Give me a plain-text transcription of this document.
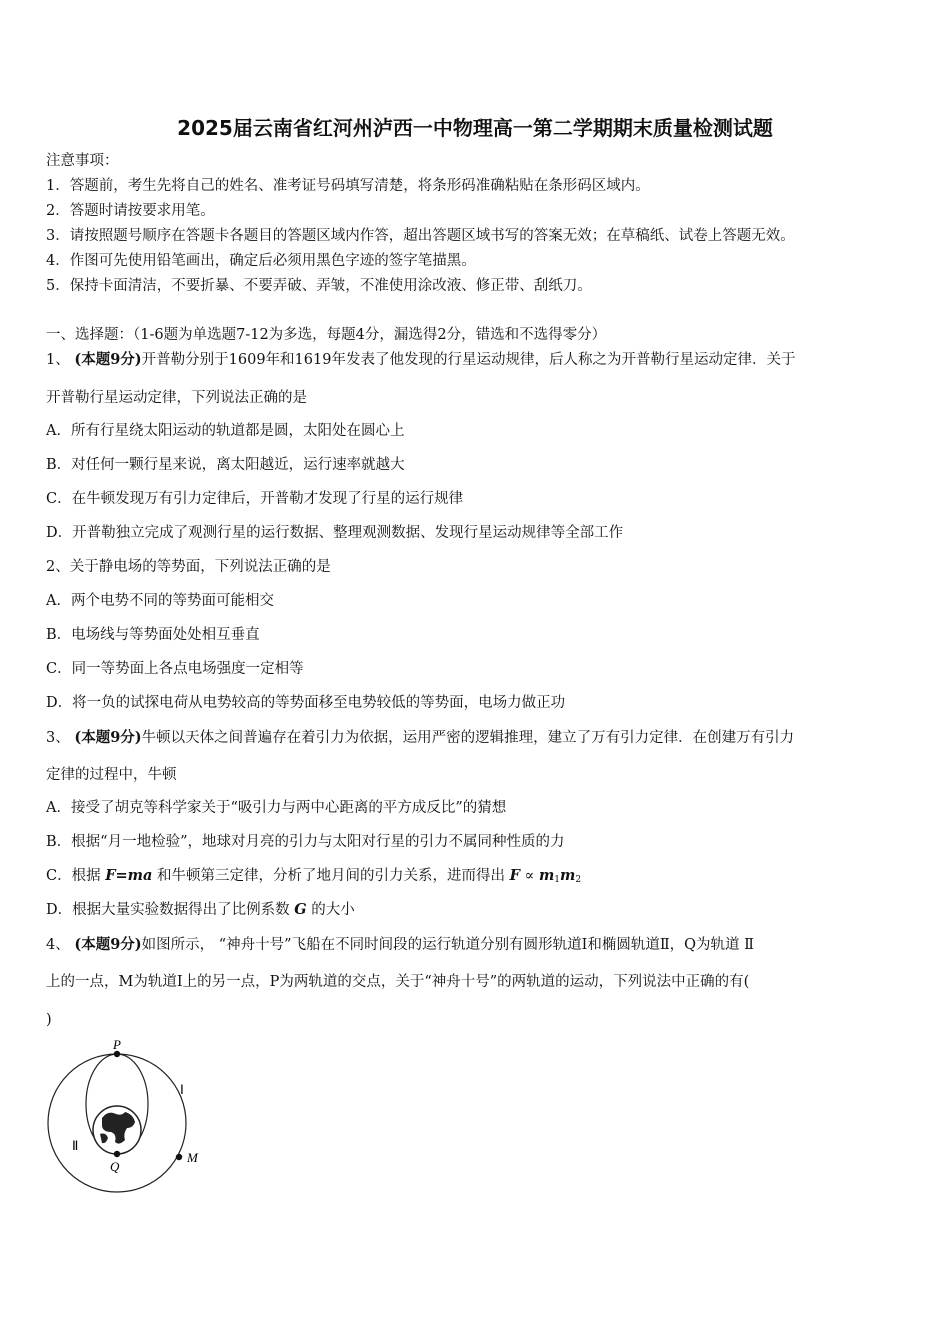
2025届云南省红河州泸西一中物理高一第二学期期末质量检测试题
注意事项：
1．答题前，考生先将自己的姓名、准考证号码填写清楚，将条形码准确粘贴在条形码区域内。
2．答题时请按要求用笔。
3．请按照题号顺序在答题卡各题目的答题区域内作答，超出答题区域书写的答案无效；在草稿纸、试卷上答题无效。
4．作图可先使用铅笔画出，确定后必须用黑色字迹的签字笔描黑。
5．保持卡面清洁，不要折暴、不要弄破、弄皱，不准使用涂改液、修正带、刮纸刀。
一、选择题：（1-6题为单选题7-12为多选，每题4分，漏选得2分，错选和不选得零分）
1、 (本题9分)开普勒分别于1609年和1619年发表了他发现的行星运动规律，后人称之为开普勒行星运动定律．关于
开普勒行星运动定律，下列说法正确的是
A．所有行星绕太阳运动的轨道都是圆，太阳处在圆心上
B．对任何一颗行星来说，离太阳越近，运行速率就越大
C．在牛顿发现万有引力定律后，开普勒才发现了行星的运行规律
D．开普勒独立完成了观测行星的运行数据、整理观测数据、发现行星运动规律等全部工作
2、关于静电场的等势面，下列说法正确的是
A．两个电势不同的等势面可能相交
B．电场线与等势面处处相互垂直
C．同一等势面上各点电场强度一定相等
D．将一负的试探电荷从电势较高的等势面移至电势较低的等势面，电场力做正功
3、 (本题9分)牛顿以天体之间普遍存在着引力为依据，运用严密的逻辑推理，建立了万有引力定律．在创建万有引力
定律的过程中，牛顿
A．接受了胡克等科学家关于“吸引力与两中心距离的平方成反比”的猜想
B．根据“月一地检验”，地球对月亮的引力与太阳对行星的引力不属同种性质的力
C．根据 F=ma 和牛顿第三定律，分析了地月间的引力关系，进而得出 $F \propto m_1m_2$
D．根据大量实验数据得出了比例系数 G 的大小
4、 (本题9分)如图所示， “神舟十号”飞船在不同时间段的运行轨道分别有圆形轨道Ⅰ和椭圆轨道Ⅱ，Q为轨道 Ⅱ
上的一点，M为轨道Ⅰ上的另一点，P为两轨道的交点，关于“神舟十号”的两轨道的运动，下列说法中正确的有(
)
P
Q
M
Ⅰ
Ⅱ
